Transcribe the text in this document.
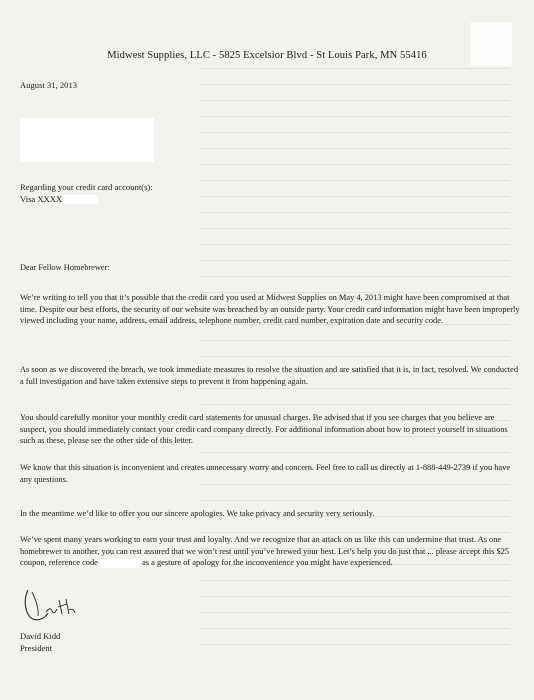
Midwest Supplies, LLC - 5825 Excelsior Blvd - St Louis Park, MN 55416
August 31, 2013
Regarding your credit card account(s):
Visa XXXX

Dear Fellow Homebrewer:

We’re writing to tell you that it’s possible that the credit card you used at Midwest Supplies on May 4, 2013 might have been compromised at that time. Despite our best efforts, the security of our website was breached by an outside party. Your credit card information might have been improperly viewed including your name, address, email address, telephone number, credit card number, expiration date and security code.

As soon as we discovered the breach, we took immediate measures to resolve the situation and are satisfied that it is, in fact, resolved. We conducted a full investigation and have taken extensive steps to prevent it from happening again.

You should carefully monitor your monthly credit card statements for unusual charges. Be advised that if you see charges that you believe are suspect, you should immediately contact your credit card company directly. For additional information about how to protect yourself in situations such as these, please see the other side of this letter.

We know that this situation is inconvenient and creates unnecessary worry and concern. Feel free to call us directly at 1-888-449-2739 if you have any questions.

In the meantime we’d like to offer you our sincere apologies. We take privacy and security very seriously.

We’ve spent many years working to earn your trust and loyalty. And we recognize that an attack on us like this can undermine that trust. As one homebrewer to another, you can rest assured that we won’t rest until you’ve brewed your best. Let’s help you do just that ... please accept this $25 coupon, reference code	as a gesture of apology for the inconvenience you might have experienced.

David Kidd
President
